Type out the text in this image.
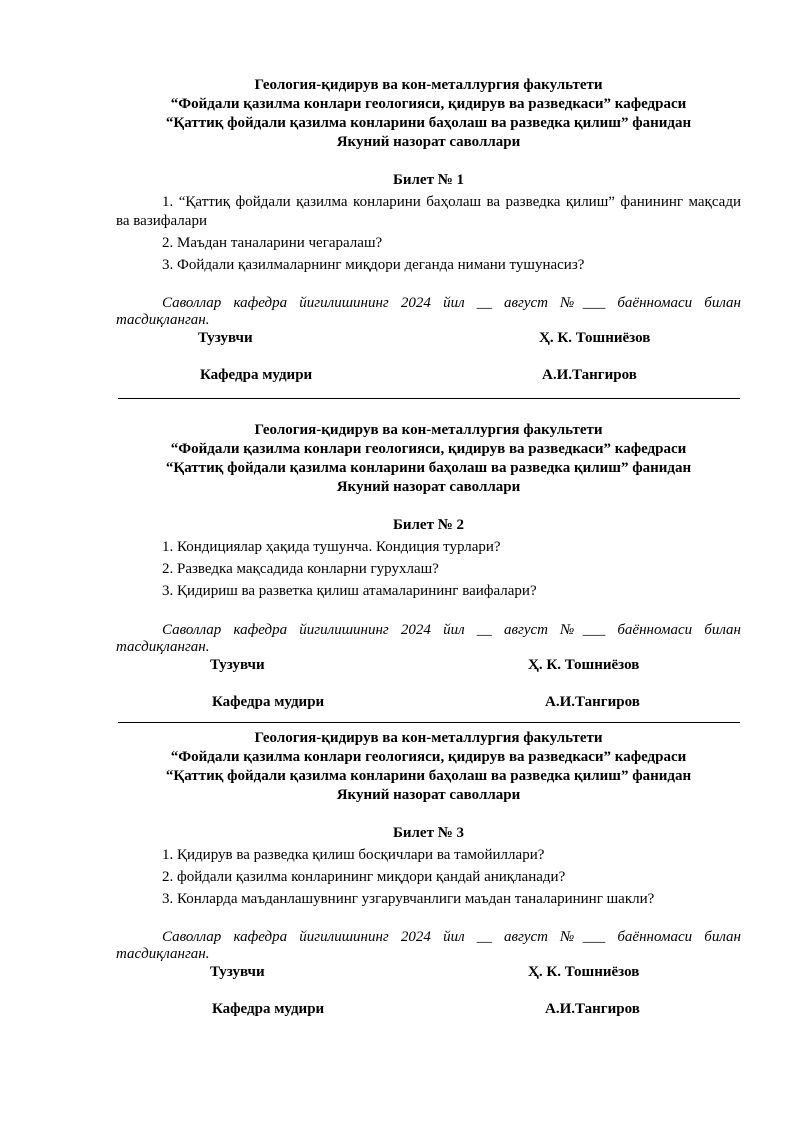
Геология-қидирув ва кон-металлургия факультети
“Фойдали қазилма конлари геологияси, қидирув ва разведкаси” кафедраси
“Қаттиқ фойдали қазилма конларини баҳолаш ва разведка қилиш” фанидан
Якуний назорат саволлари
Билет № 1
1. “Қаттиқ фойдали қазилма конларини баҳолаш ва разведка қилиш” фанининг мақсади ва вазифалари
2. Маъдан таналарини чегаралаш?
3. Фойдали қазилмаларнинг миқдори деганда нимани тушунасиз?
Саволлар кафедра йигилишининг 2024 йил __ август №___ баённомаси билан тасдиқланган.
Тузувчи	Ҳ. К. Тошниёзов
Кафедра мудири	А.И.Тангиров
Геология-қидирув ва кон-металлургия факультети
“Фойдали қазилма конлари геологияси, қидирув ва разведкаси” кафедраси
“Қаттиқ фойдали қазилма конларини баҳолаш ва разведка қилиш” фанидан
Якуний назорат саволлари
Билет № 2
1. Кондициялар ҳақида тушунча. Кондиция турлари?
2. Разведка мақсадида конларни гурухлаш?
3. Қидириш ва разветка қилиш атамаларининг ваифалари?
Саволлар кафедра йигилишининг 2024 йил __ август №___ баённомаси билан тасдиқланган.
Тузувчи	Ҳ. К. Тошниёзов
Кафедра мудири	А.И.Тангиров
Геология-қидирув ва кон-металлургия факультети
“Фойдали қазилма конлари геологияси, қидирув ва разведкаси” кафедраси
“Қаттиқ фойдали қазилма конларини баҳолаш ва разведка қилиш” фанидан
Якуний назорат саволлари
Билет № 3
1. Қидирув ва разведка қилиш босқичлари ва тамойиллари?
2. фойдали қазилма конларининг миқдори қандай аниқланади?
3. Конларда маъданлашувнинг узгарувчанлиги маъдан таналарининг шакли?
Саволлар кафедра йигилишининг 2024 йил __ август №___ баённомаси билан тасдиқланган.
Тузувчи	Ҳ. К. Тошниёзов
Кафедра мудири	А.И.Тангиров
